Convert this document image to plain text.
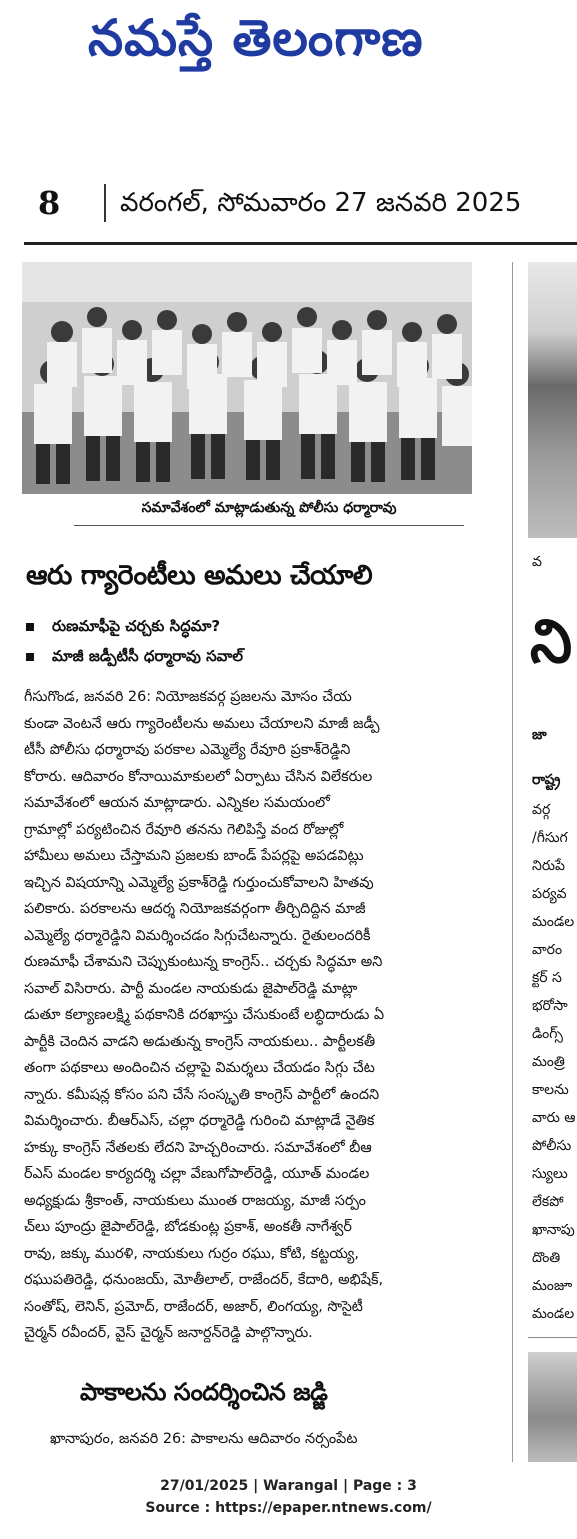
నమస్తే తెలంగాణ
8 వరంగల్, సోమవారం 27 జనవరి 2025
సమావేశంలో మాట్లాడుతున్న పోలీసు ధర్మారావు
ఆరు గ్యారెంటీలు అమలు చేయాలి
రుణమాఫీపై చర్చకు సిద్ధమా?
మాజీ జడ్పీటీసీ ధర్మారావు సవాల్
గీసుగొండ, జనవరి 26: నియోజకవర్గ ప్రజలను మోసం చేయ
కుండా వెంటనే ఆరు గ్యారెంటీలను అమలు చేయాలని మాజీ జడ్పీ
టీసీ పోలీసు ధర్మారావు పరకాల ఎమ్మెల్యే రేవూరి ప్రకాశ్‌రెడ్డిని
కోరారు. ఆదివారం కోనాయిమాకులలో ఏర్పాటు చేసిన విలేకరుల
సమావేశంలో ఆయన మాట్లాడారు. ఎన్నికల సమయంలో
గ్రామాల్లో పర్యటించిన రేవూరి తనను గెలిపిస్తే వంద రోజుల్లో
హామీలు అమలు చేస్తామని ప్రజలకు బాండ్ పేపర్లపై అపడవిట్లు
ఇచ్చిన విషయాన్ని ఎమ్మెల్యే ప్రకాశ్‌రెడ్డి గుర్తుంచుకోవాలని హితవు
పలికారు. పరకాలను ఆదర్శ నియోజకవర్గంగా తీర్చిదిద్దిన మాజీ
ఎమ్మెల్యే ధర్మారెడ్డిని విమర్శించడం సిగ్గుచేటన్నారు. రైతులందరికీ
రుణమాఫీ చేశామని చెప్పుకుంటున్న కాంగ్రెస్.. చర్చకు సిద్ధమా అని
సవాల్ విసిరారు. పార్టీ మండల నాయకుడు జైపాల్‌రెడ్డి మాట్లా
డుతూ కల్యాణలక్ష్మి పథకానికి దరఖాస్తు చేసుకుంటే లబ్ధిదారుడు ఏ
పార్టీకి చెందిన వాడని అడుతున్న కాంగ్రెస్ నాయకులు.. పార్టీలకతీ
తంగా పథకాలు అందించిన చల్లాపై విమర్శలు చేయడం సిగ్గు చేట
న్నారు. కమీషన్ల కోసం పని చేసే సంస్కృతి కాంగ్రెస్ పార్టీలో ఉందని
విమర్శించారు. బీఆర్ఎస్, చల్లా ధర్మారెడ్డి గురించి మాట్లాడే నైతిక
హక్కు కాంగ్రెస్ నేతలకు లేదని హెచ్చరించారు. సమావేశంలో బీఆ
ర్ఎస్ మండల కార్యదర్శి చల్లా వేణుగోపాల్‌రెడ్డి, యూత్ మండల
అధ్యక్షుడు శ్రీకాంత్, నాయకులు ముంత రాజయ్య, మాజీ సర్పం
చ్‌లు పూంద్రు జైపాల్‌రెడ్డి, బోడకుంట్ల ప్రకాశ్, అంకతీ నాగేశ్వర్
రావు, జక్కు మురళి, నాయకులు గుర్రం రఘు, కోటి, కట్టయ్య,
రఘుపతిరెడ్డి, ధనుంజయ్, మోతీలాల్, రాజేందర్, కేదారి, అభిషేక్,
సంతోష్, లెనిన్, ప్రమోద్, రాజేందర్, అజార్, లింగయ్య, సొసైటీ
చైర్మన్ రవీందర్, వైస్ చైర్మన్ జనార్దన్‌రెడ్డి పాల్గొన్నారు.
పాకాలను సందర్శించిన జడ్జి
ఖానాపురం, జనవరి 26: పాకాలను ఆదివారం నర్సంపేట
వ
ని
జా
రాష్ట్ర
వర్గ
/గీసుగ
నిరుపే
పర్యవ
మండల
వారం
క్టర్ స
భరోసా
డింగ్స్
మంత్రి
కాలను
వారు ఆ
పోలీసు
స్యులు
లేకపో
ఖానాపు
దొంతి
మంజూ
మండల
27/01/2025 | Warangal | Page : 3
Source : https://epaper.ntnews.com/
